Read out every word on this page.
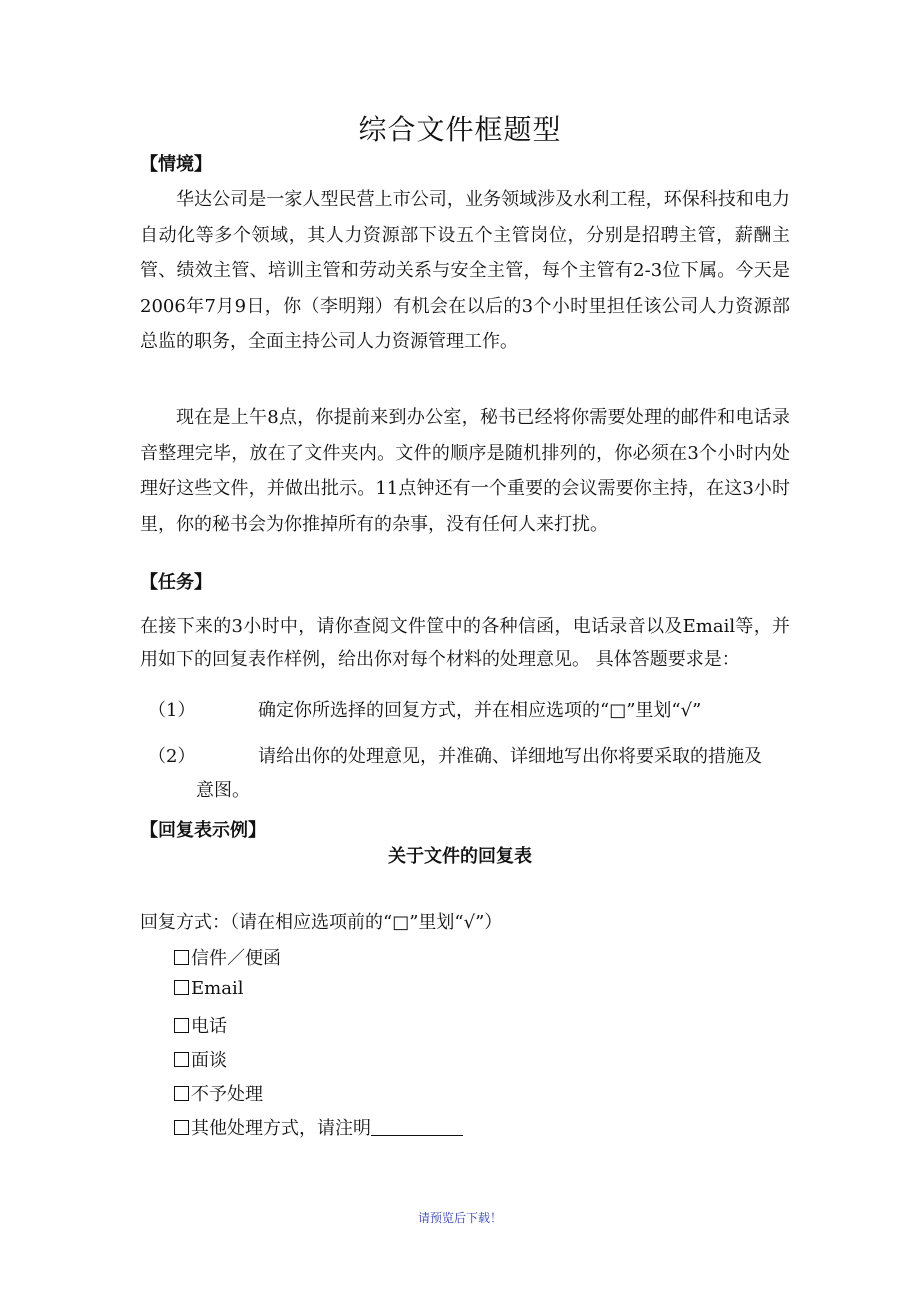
综合文件框题型
【情境】
华达公司是一家人型民营上市公司，业务领域涉及水利工程，环保科技和电力自动化等多个领域，其人力资源部下设五个主管岗位，分别是招聘主管，薪酬主管、绩效主管、培训主管和劳动关系与安全主管，每个主管有2-3位下属。今天是2006年7月9日，你（李明翔）有机会在以后的3个小时里担任该公司人力资源部总监的职务，全面主持公司人力资源管理工作。
现在是上午8点，你提前来到办公室，秘书已经将你需要处理的邮件和电话录音整理完毕，放在了文件夹内。文件的顺序是随机排列的，你必须在3个小时内处理好这些文件，并做出批示。11点钟还有一个重要的会议需要你主持，在这3小时里，你的秘书会为你推掉所有的杂事，没有任何人来打扰。
【任务】
在接下来的3小时中，请你查阅文件筐中的各种信函，电话录音以及Email等，并用如下的回复表作样例，给出你对每个材料的处理意见。 具体答题要求是：
（1）	确定你所选择的回复方式，并在相应选项的“□”里划“√”
（2）	请给出你的处理意见，并准确、详细地写出你将要采取的措施及
意图。
【回复表示例】
关于文件的回复表
回复方式：（请在相应选项前的“□”里划“√”）
信件／便函
Email
电话
面谈
不予处理
其他处理方式，请注明
请预览后下载！
